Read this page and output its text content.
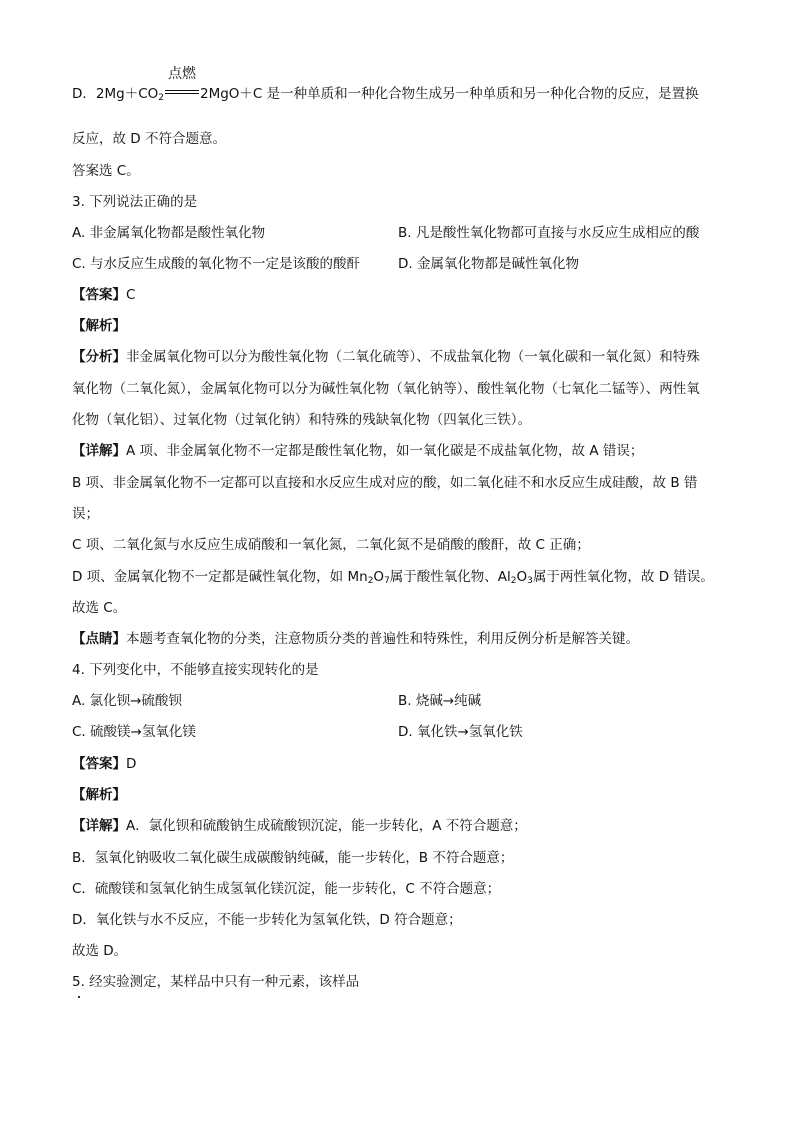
D．$2Mg+CO_2$
点燃
2MgO＋C 是一种单质和一种化合物生成另一种单质和另一种化合物的反应，是置换
反应，故 D 不符合题意。
答案选 C。
3. 下列说法正确的是
A. 非金属氧化物都是酸性氧化物	B. 凡是酸性氧化物都可直接与水反应生成相应的酸
C. 与水反应生成酸的氧化物不一定是该酸的酸酐	D. 金属氧化物都是碱性氧化物
【答案】C
【解析】
【分析】非金属氧化物可以分为酸性氧化物（二氧化硫等）、不成盐氧化物（一氧化碳和一氧化氮）和特殊
氧化物（二氧化氮），金属氧化物可以分为碱性氧化物（氧化钠等）、酸性氧化物（七氧化二锰等）、两性氧
化物（氧化铝）、过氧化物（过氧化钠）和特殊的残缺氧化物（四氧化三铁）。
【详解】A 项、非金属氧化物不一定都是酸性氧化物，如一氧化碳是不成盐氧化物，故 A 错误；
B 项、非金属氧化物不一定都可以直接和水反应生成对应的酸，如二氧化硅不和水反应生成硅酸，故 B 错
误；
C 项、二氧化氮与水反应生成硝酸和一氧化氮，二氧化氮不是硝酸的酸酐，故 C 正确；
D 项、金属氧化物不一定都是碱性氧化物，如 $Mn_2O_7$属于酸性氧化物、$Al_2O_3$属于两性氧化物，故 D 错误。
故选 C。
【点睛】本题考查氧化物的分类，注意物质分类的普遍性和特殊性，利用反例分析是解答关键。
4. 下列变化中，不能够直接实现转化的是
A. 氯化钡→硫酸钡	B. 烧碱→纯碱
C. 硫酸镁→氢氧化镁	D. 氧化铁→氢氧化铁
【答案】D
【解析】
【详解】A．氯化钡和硫酸钠生成硫酸钡沉淀，能一步转化，A 不符合题意；
B．氢氧化钠吸收二氧化碳生成碳酸钠纯碱，能一步转化，B 不符合题意；
C．硫酸镁和氢氧化钠生成氢氧化镁沉淀，能一步转化，C 不符合题意；
D．氧化铁与水不反应，不能一步转化为氢氧化铁，D 符合题意；
故选 D。
5. 经实验测定，某样品中只有一种元素，该样品
